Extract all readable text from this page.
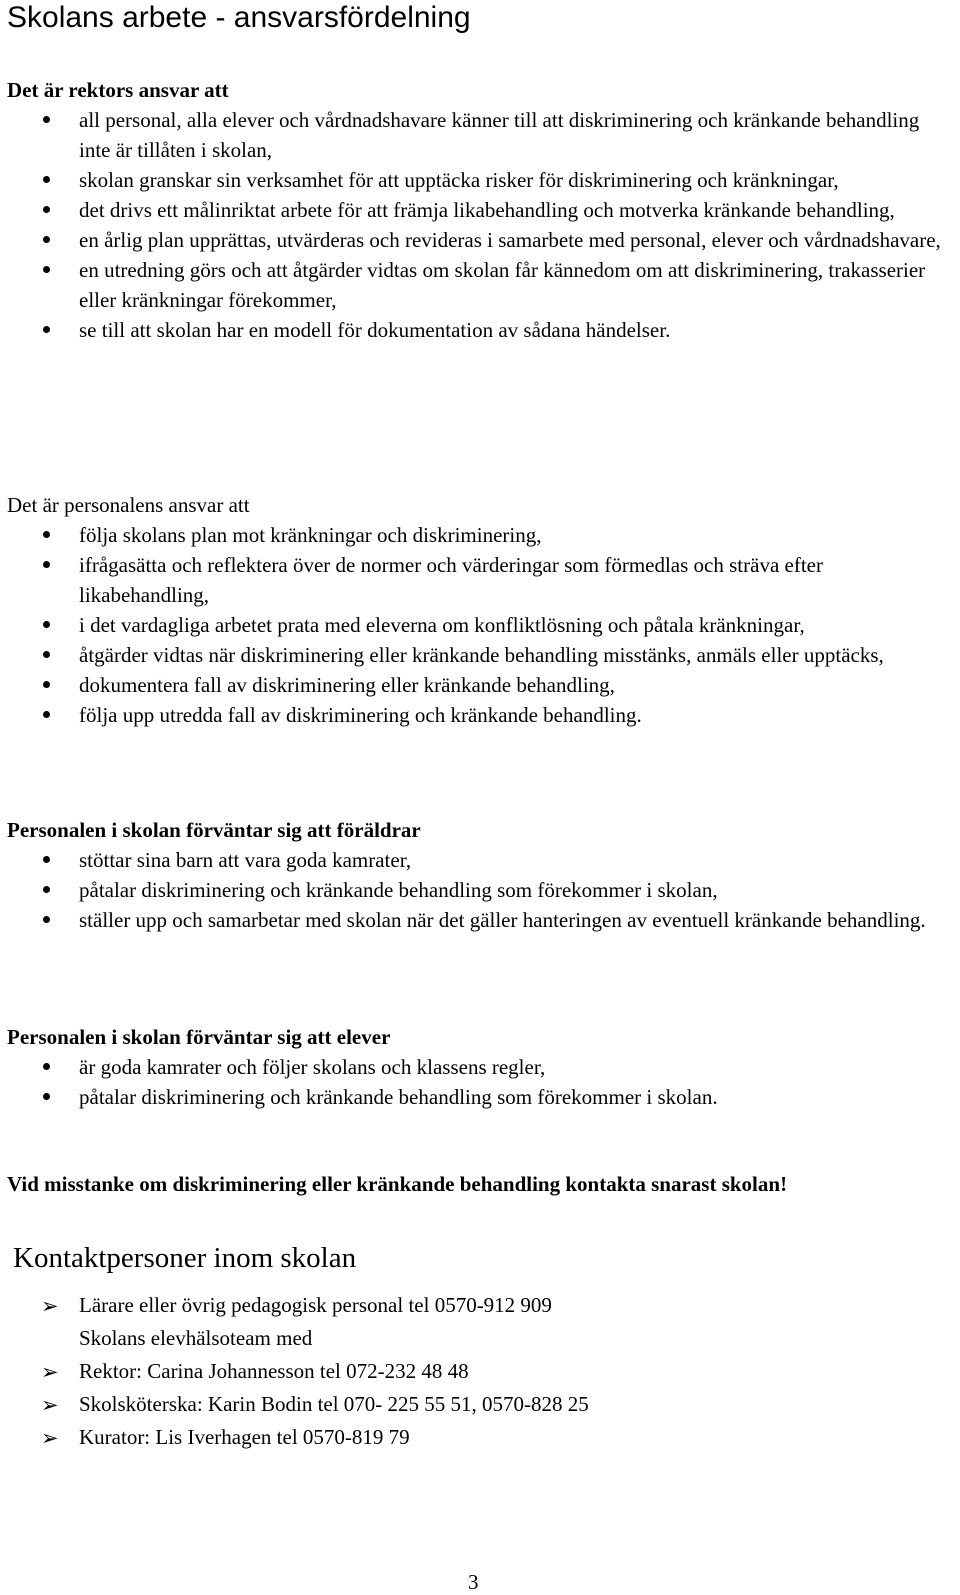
Skolans arbete - ansvarsfördelning
Det är rektors ansvar att
all personal, alla elever och vårdnadshavare känner till att diskriminering och kränkande behandling inte är tillåten i skolan,
skolan granskar sin verksamhet för att upptäcka risker för diskriminering och kränkningar,
det drivs ett målinriktat arbete för att främja likabehandling och motverka kränkande behandling,
en årlig plan upprättas, utvärderas och revideras i samarbete med personal, elever och vårdnadshavare,
en utredning görs och att åtgärder vidtas om skolan får kännedom om att diskriminering, trakasserier eller kränkningar förekommer,
se till att skolan har en modell för dokumentation av sådana händelser.
Det är personalens ansvar att
följa skolans plan mot kränkningar och diskriminering,
ifrågasätta och reflektera över de normer och värderingar som förmedlas och sträva efter likabehandling,
i det vardagliga arbetet prata med eleverna om konfliktlösning och påtala kränkningar,
åtgärder vidtas när diskriminering eller kränkande behandling misstänks, anmäls eller upptäcks,
dokumentera fall av diskriminering eller kränkande behandling,
följa upp utredda fall av diskriminering och kränkande behandling.
Personalen i skolan förväntar sig att föräldrar
stöttar sina barn att vara goda kamrater,
påtalar diskriminering och kränkande behandling som förekommer i skolan,
ställer upp och samarbetar med skolan när det gäller hanteringen av eventuell kränkande behandling.
Personalen i skolan förväntar sig att elever
är goda kamrater och följer skolans och klassens regler,
påtalar diskriminering och kränkande behandling som förekommer i skolan.

Vid misstanke om diskriminering eller kränkande behandling kontakta snarast skolan!

Kontaktpersoner inom skolan
➢ Lärare eller övrig pedagogisk personal tel 0570-912 909
Skolans elevhälsoteam med
➢ Rektor: Carina Johannesson tel 072-232 48 48
➢ Skolsköterska: Karin Bodin tel 070- 225 55 51, 0570-828 25
➢ Kurator: Lis Iverhagen tel 0570-819 79
3
